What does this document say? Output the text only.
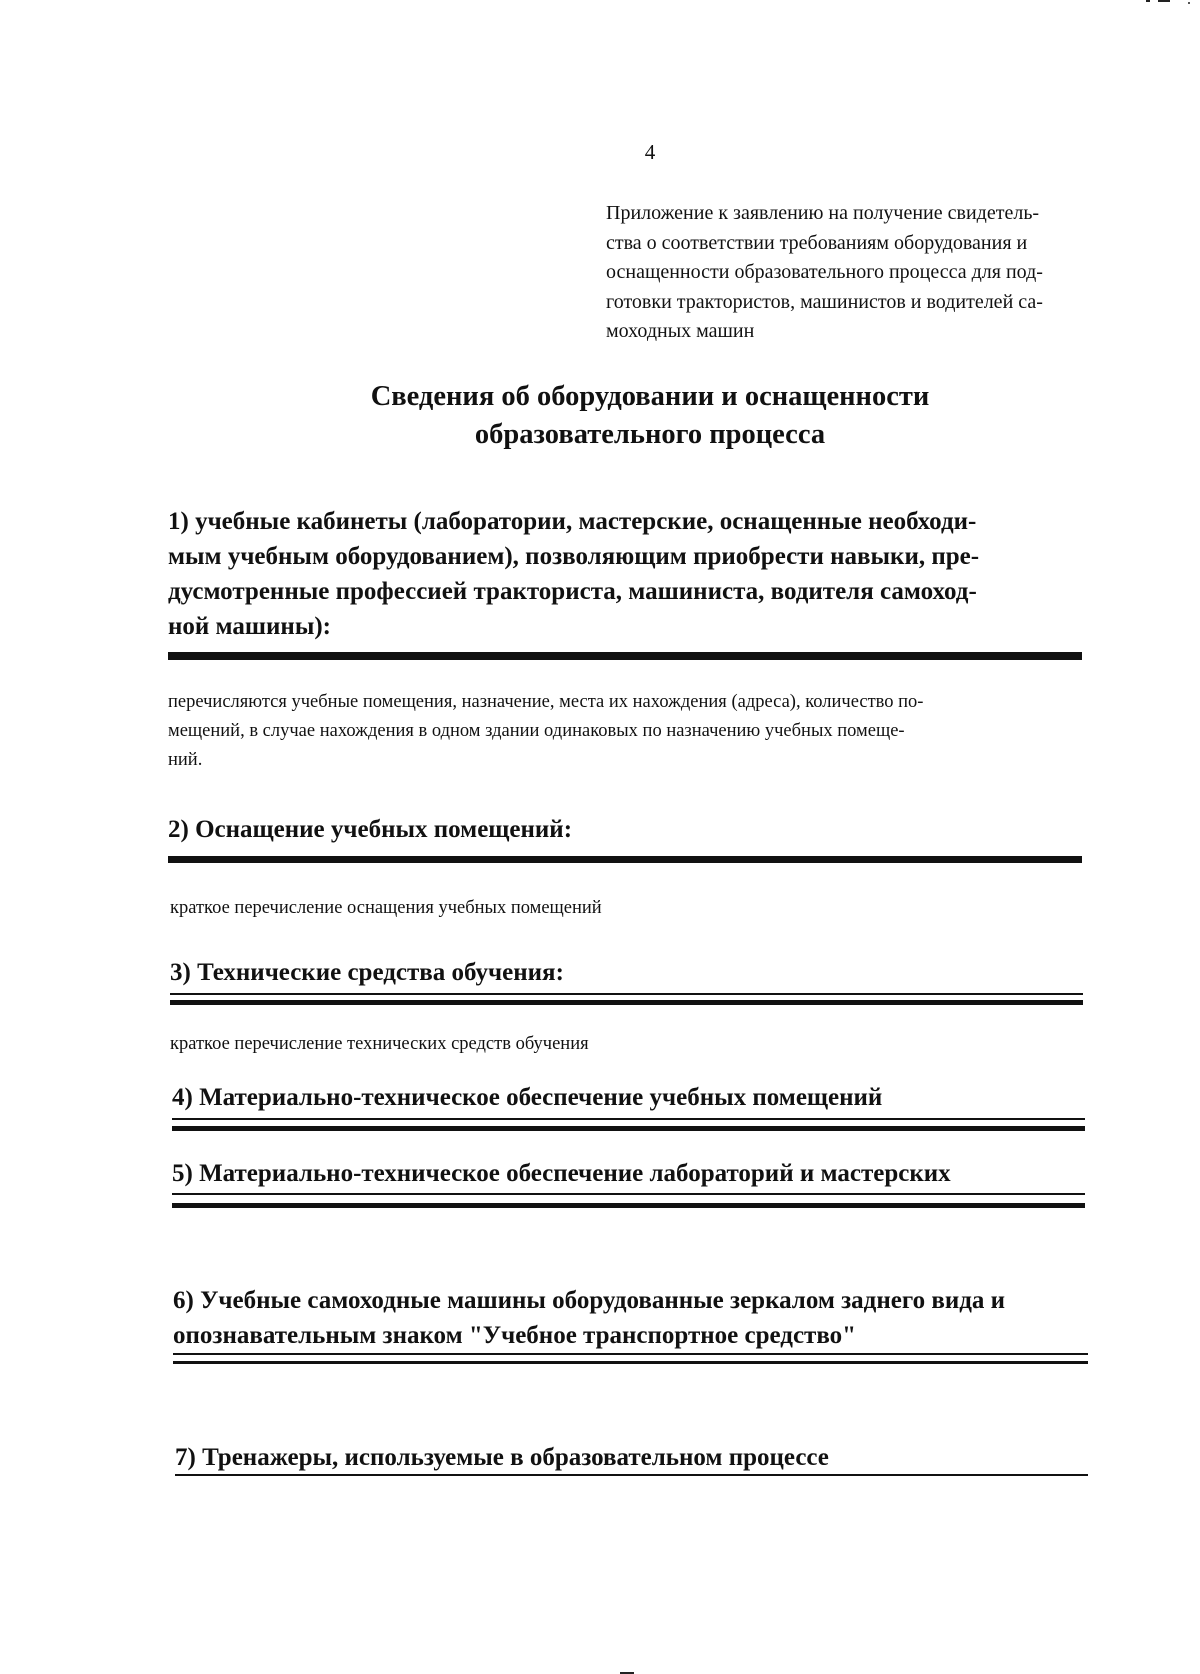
4
Приложение к заявлению на получение свидетель-
ства о соответствии требованиям оборудования и
оснащенности образовательного процесса для под-
готовки трактористов, машинистов и водителей са-
моходных машин
Сведения об оборудовании и оснащенности
образовательного процесса
1) учебные кабинеты (лаборатории, мастерские, оснащенные необходи-
мым учебным оборудованием), позволяющим приобрести навыки, пре-
дусмотренные профессией тракториста, машиниста, водителя самоход-
ной машины):
перечисляются учебные помещения, назначение, места их нахождения (адреса), количество по-
мещений, в случае нахождения в одном здании одинаковых по назначению учебных помеще-
ний.
2) Оснащение учебных помещений:
краткое перечисление оснащения учебных помещений
3) Технические средства обучения:
краткое перечисление технических средств обучения
4) Материально-техническое обеспечение учебных помещений
5) Материально-техническое обеспечение лабораторий и мастерских
6) Учебные самоходные машины оборудованные зеркалом заднего вида и
опознавательным знаком "Учебное транспортное средство"
7) Тренажеры, используемые в образовательном процессе
